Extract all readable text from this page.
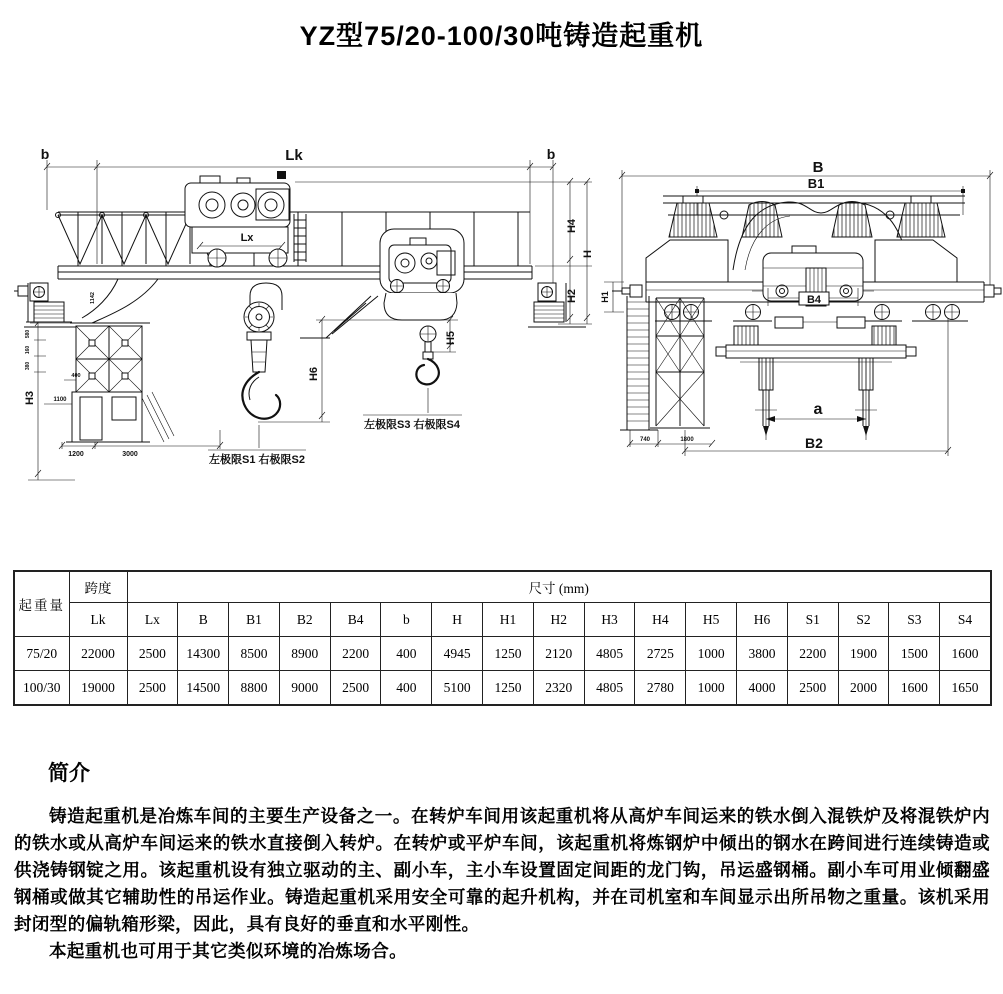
YZ型75/20-100/30吨铸造起重机
b	Lk	b
Lx
H4
H
H2
H3
H6
H5
左极限S1 右极限S2
左极限S3 右极限S4
1200	3000
1100
400
1142
580
160
380
B
B1
B4
a
B2
H1
740	1800
起重量	跨度	尺寸 (mm)																
	Lk	Lx	B	B1	B2	B4	b	H	H1	H2	H3	H4	H5	H6	S1	S2	S3	S4
75/20	22000	2500	14300	8500	8900	2200	400	4945	1250	2120	4805	2725	1000	3800	2200	1900	1500	1600
100/30	19000	2500	14500	8800	9000	2500	400	5100	1250	2320	4805	2780	1000	4000	2500	2000	1600	1650
简介

铸造起重机是冶炼车间的主要生产设备之一。在转炉车间用该起重机将从高炉车间运来的铁水倒入混铁炉及将混铁炉内的铁水或从高炉车间运来的铁水直接倒入转炉。在转炉或平炉车间，该起重机将炼钢炉中倾出的钢水在跨间进行连续铸造或供浇铸钢锭之用。该起重机设有独立驱动的主、副小车，主小车设置固定间距的龙门钩，吊运盛钢桶。副小车可用业倾翻盛钢桶或做其它辅助性的吊运作业。铸造起重机采用安全可靠的起升机构，并在司机室和车间显示出所吊物之重量。该机采用封闭型的偏轨箱形梁，因此，具有良好的垂直和水平刚性。

本起重机也可用于其它类似环境的冶炼场合。
